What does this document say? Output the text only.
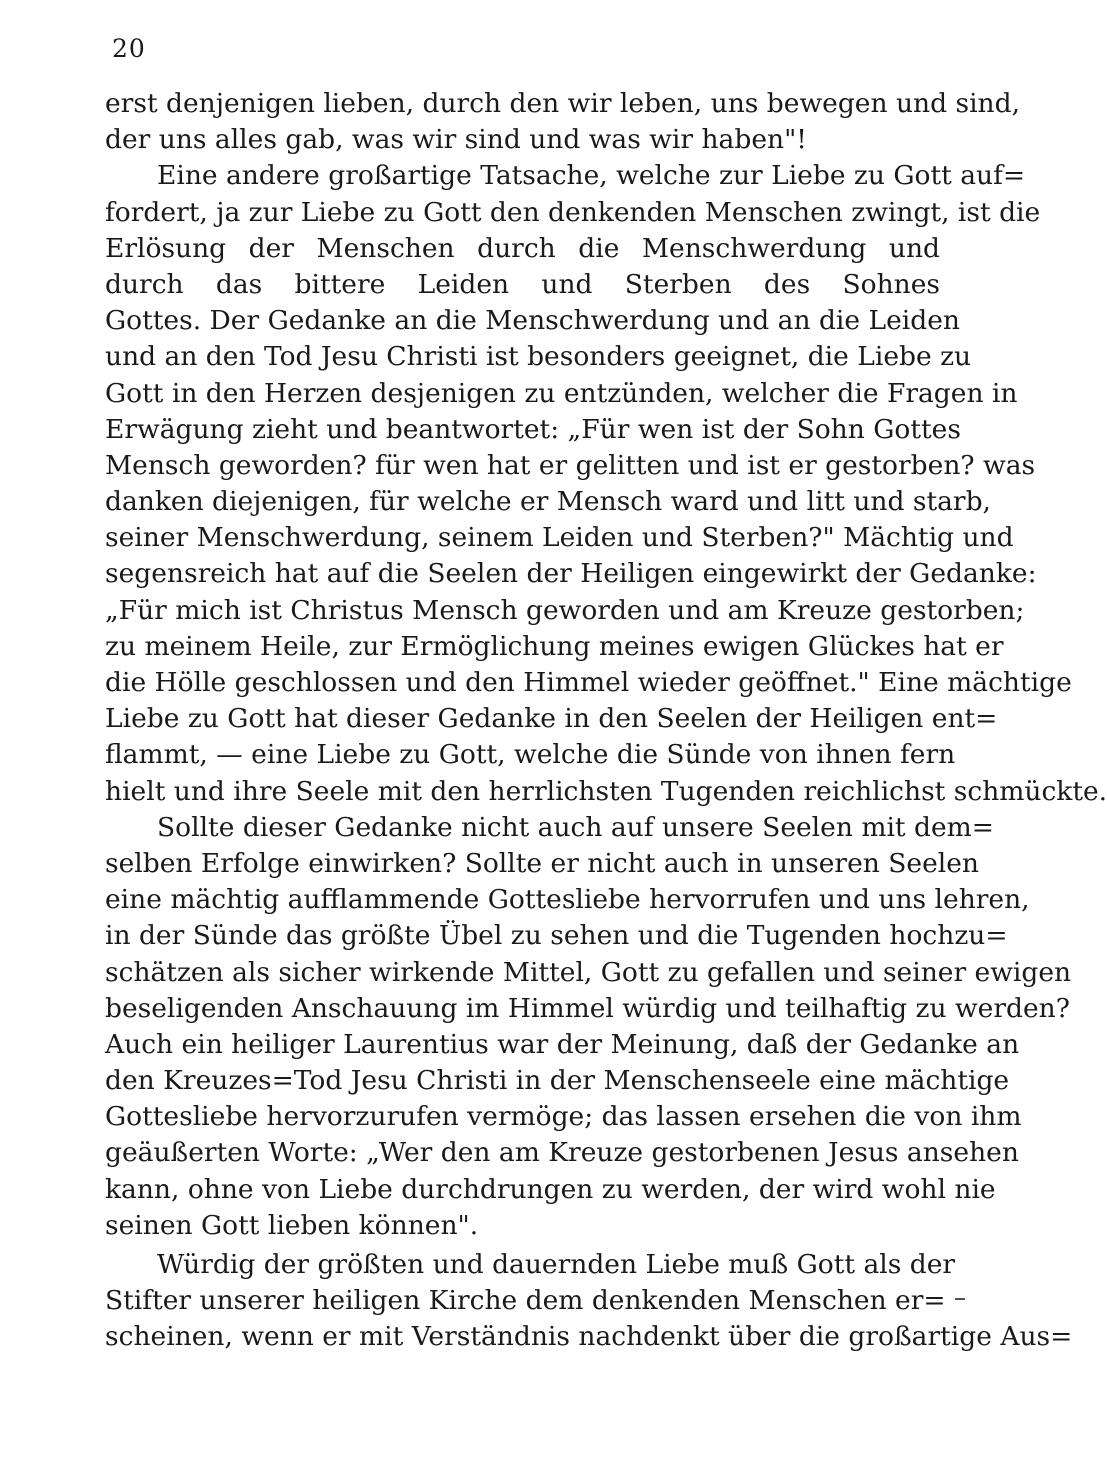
20
erst denjenigen lieben, durch den wir leben, uns bewegen und sind,
der uns alles gab, was wir sind und was wir haben"!
Eine andere großartige Tatsache, welche zur Liebe zu Gott auf=
fordert, ja zur Liebe zu Gott den denkenden Menschen zwingt, ist die
Erlösung der Menschen durch die Menschwerdung und
durch das bittere Leiden und Sterben des Sohnes
Gottes. Der Gedanke an die Menschwerdung und an die Leiden
und an den Tod Jesu Christi ist besonders geeignet, die Liebe zu
Gott in den Herzen desjenigen zu entzünden, welcher die Fragen in
Erwägung zieht und beantwortet: „Für wen ist der Sohn Gottes
Mensch geworden? für wen hat er gelitten und ist er gestorben? was
danken diejenigen, für welche er Mensch ward und litt und starb,
seiner Menschwerdung, seinem Leiden und Sterben?" Mächtig und
segensreich hat auf die Seelen der Heiligen eingewirkt der Gedanke:
„Für mich ist Christus Mensch geworden und am Kreuze gestorben;
zu meinem Heile, zur Ermöglichung meines ewigen Glückes hat er
die Hölle geschlossen und den Himmel wieder geöffnet." Eine mächtige
Liebe zu Gott hat dieser Gedanke in den Seelen der Heiligen ent=
flammt, — eine Liebe zu Gott, welche die Sünde von ihnen fern
hielt und ihre Seele mit den herrlichsten Tugenden reichlichst schmückte.
Sollte dieser Gedanke nicht auch auf unsere Seelen mit dem=
selben Erfolge einwirken? Sollte er nicht auch in unseren Seelen
eine mächtig aufflammende Gottesliebe hervorrufen und uns lehren,
in der Sünde das größte Übel zu sehen und die Tugenden hochzu=
schätzen als sicher wirkende Mittel, Gott zu gefallen und seiner ewigen
beseligenden Anschauung im Himmel würdig und teilhaftig zu werden?
Auch ein heiliger Laurentius war der Meinung, daß der Gedanke an
den Kreuzes=Tod Jesu Christi in der Menschenseele eine mächtige
Gottesliebe hervorzurufen vermöge; das lassen ersehen die von ihm
geäußerten Worte: „Wer den am Kreuze gestorbenen Jesus ansehen
kann, ohne von Liebe durchdrungen zu werden, der wird wohl nie
seinen Gott lieben können".
Würdig der größten und dauernden Liebe muß Gott als der
Stifter unserer heiligen Kirche dem denkenden Menschen er=
scheinen, wenn er mit Verständnis nachdenkt über die großartige Aus=
